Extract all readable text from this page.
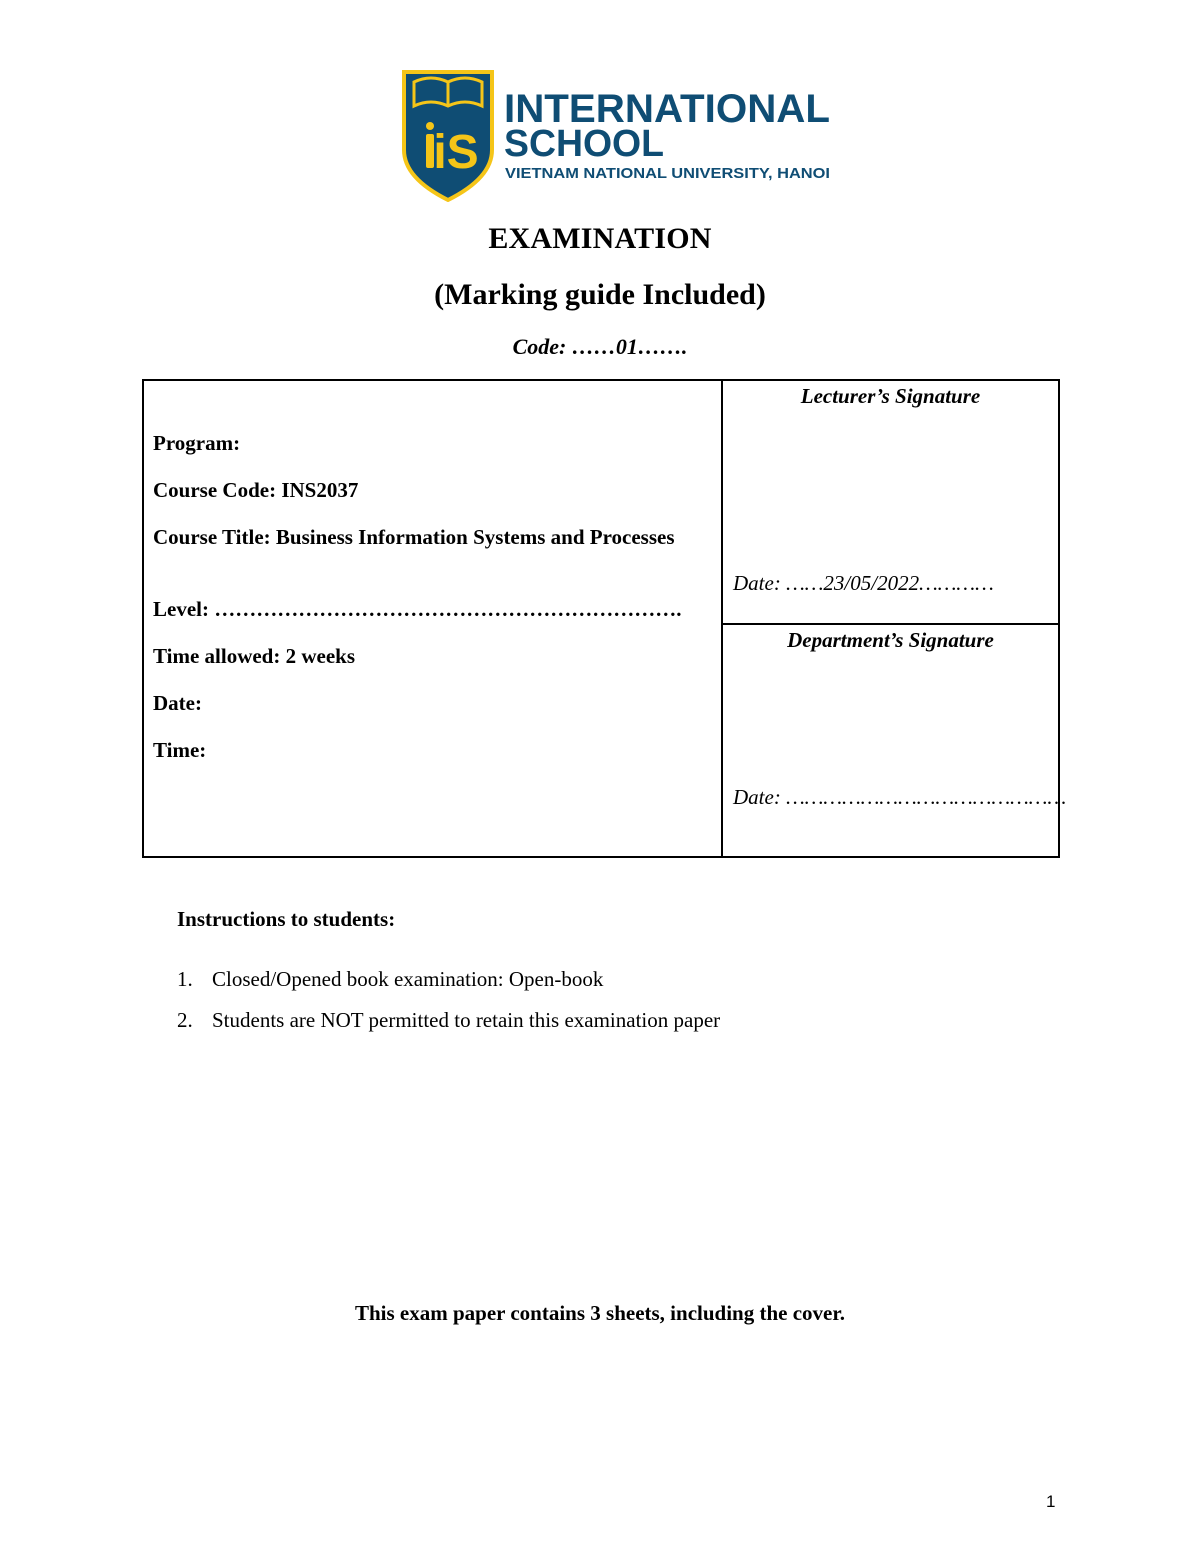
iS
INTERNATIONAL
SCHOOL
VIETNAM NATIONAL UNIVERSITY, HANOI
EXAMINATION
(Marking guide Included)
Code: ……01…….
Program:
Course Code: INS2037
Course Title: Business Information Systems and Processes
Level: ………………………………………………………….
Time allowed: 2 weeks
Date:
Time:
Lecturer’s Signature
Date: ……23/05/2022…………
Department’s Signature
Date: ………………………………………
Instructions to students:
1. Closed/Opened book examination: Open-book
2. Students are NOT permitted to retain this examination paper
This exam paper contains 3 sheets, including the cover.
1
